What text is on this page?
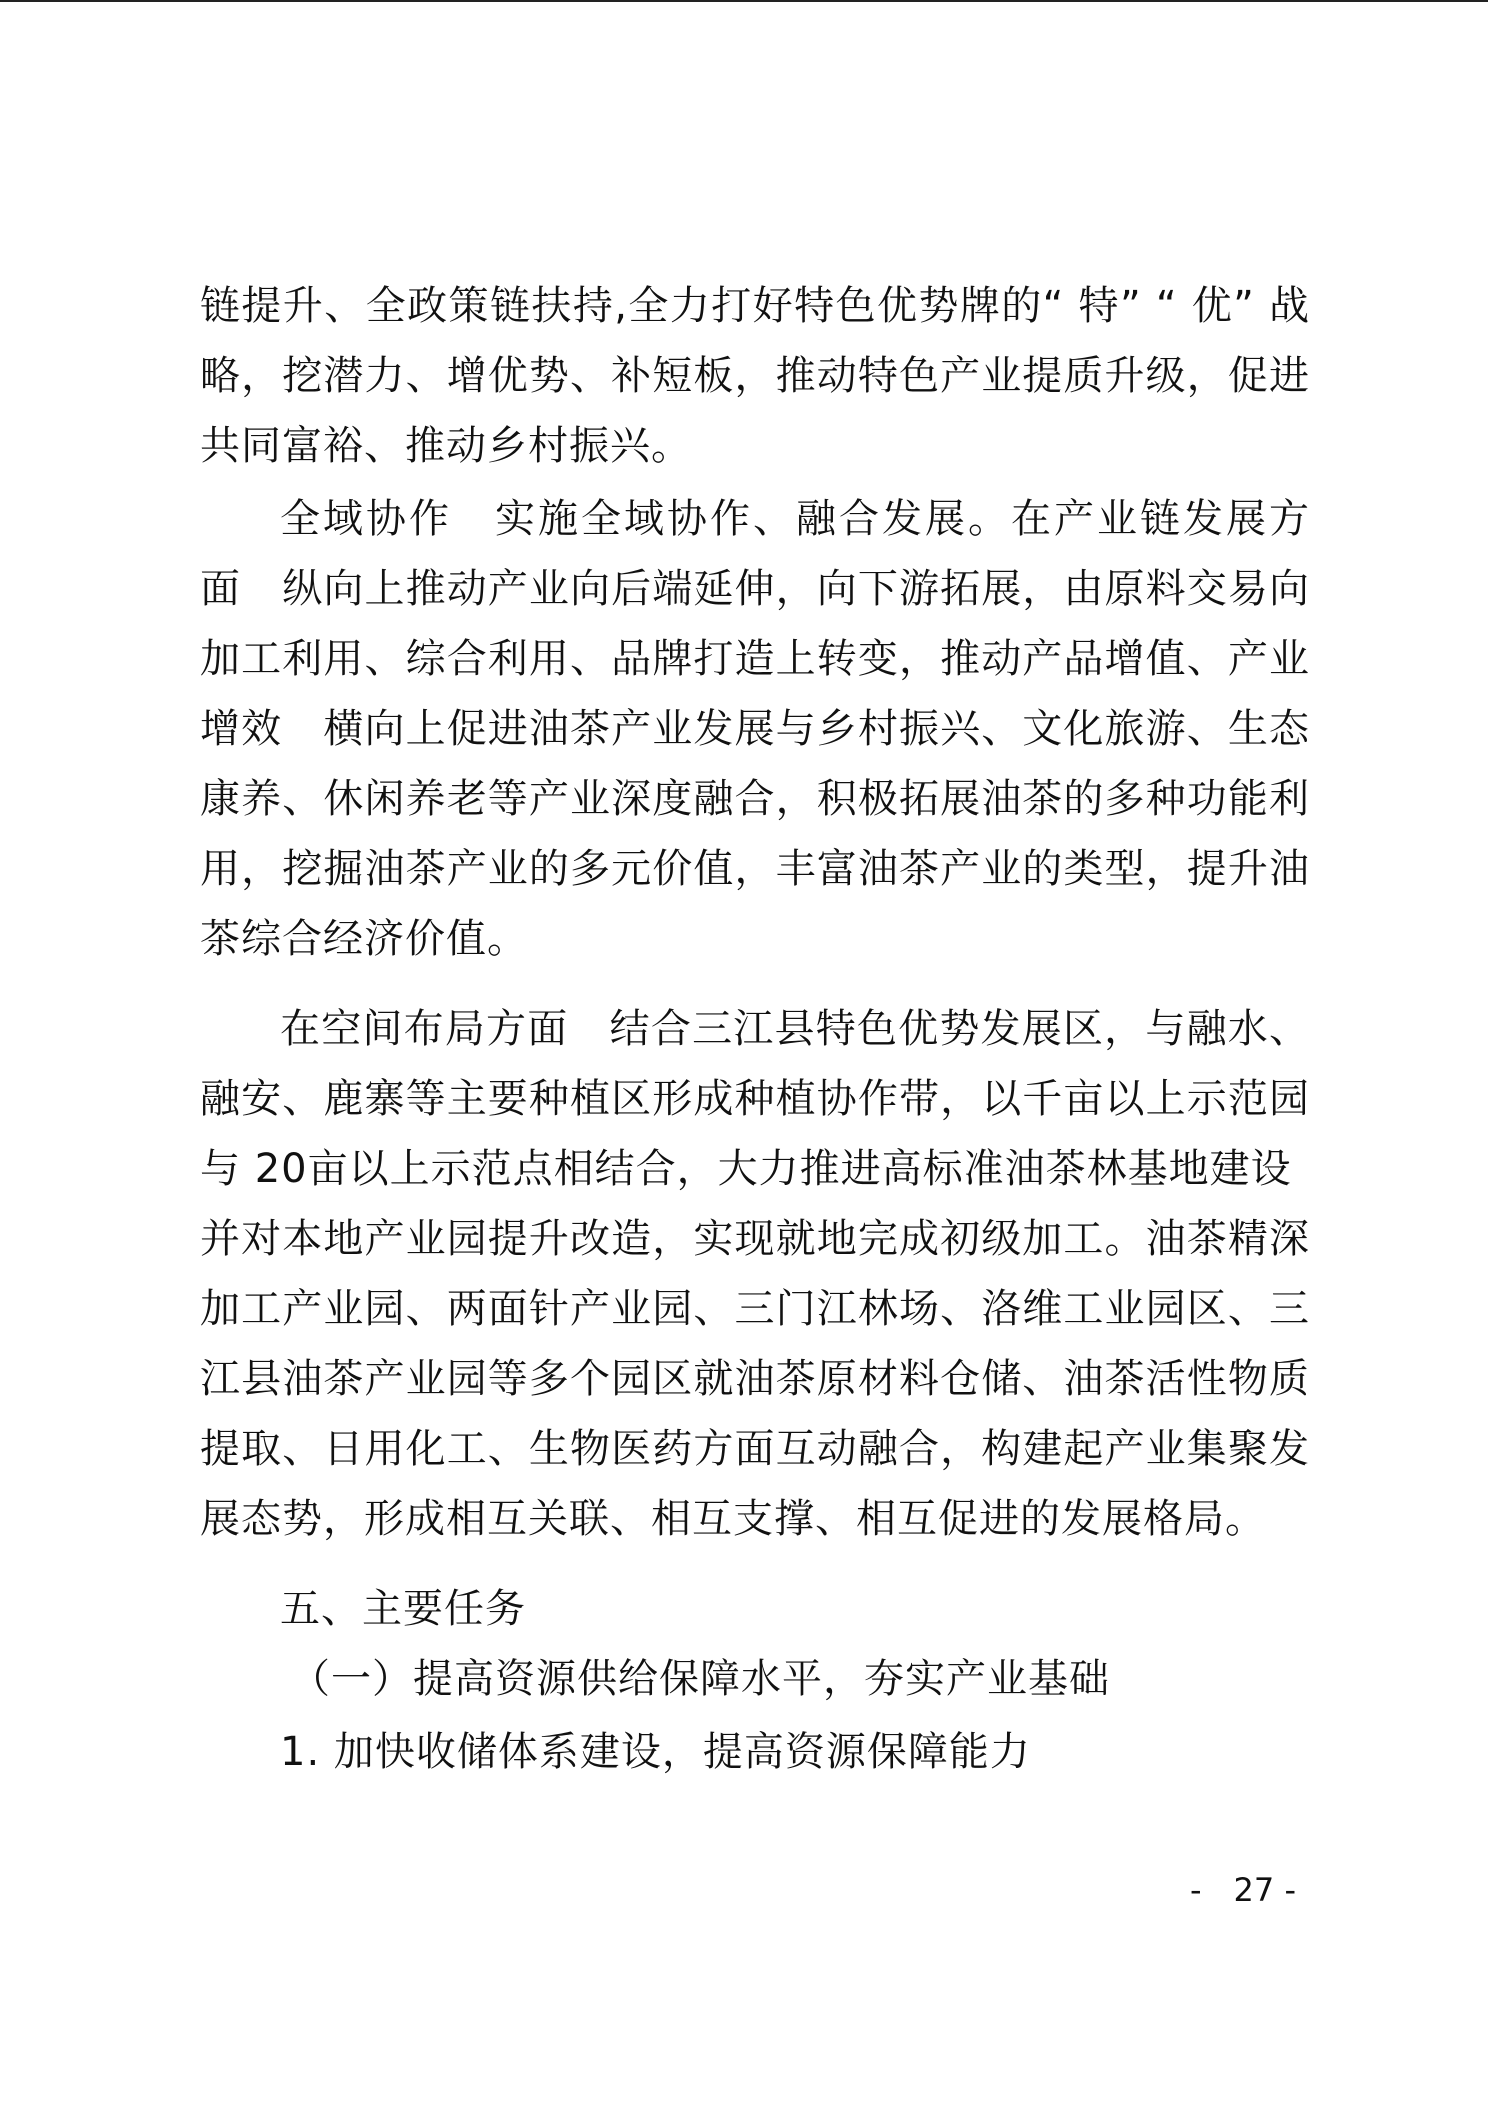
链提升、全政策链扶持,全力打好特色优势牌的“ 特” “ 优” 战
略，挖潜力、增优势、补短板，推动特色产业提质升级，促进
共同富裕、推动乡村振兴。
全域协作　实施全域协作、融合发展。在产业链发展方
面　纵向上推动产业向后端延伸，向下游拓展，由原料交易向
加工利用、综合利用、品牌打造上转变，推动产品增值、产业
增效　横向上促进油茶产业发展与乡村振兴、文化旅游、生态
康养、休闲养老等产业深度融合，积极拓展油茶的多种功能利
用，挖掘油茶产业的多元价值，丰富油茶产业的类型，提升油
茶综合经济价值。
在空间布局方面　结合三江县特色优势发展区，与融水、
融安、鹿寨等主要种植区形成种植协作带，以千亩以上示范园
与 20亩以上示范点相结合，大力推进高标准油茶林基地建设
并对本地产业园提升改造，实现就地完成初级加工。油茶精深
加工产业园、两面针产业园、三门江林场、洛维工业园区、三
江县油茶产业园等多个园区就油茶原材料仓储、油茶活性物质
提取、日用化工、生物医药方面互动融合，构建起产业集聚发
展态势，形成相互关联、相互支撑、相互促进的发展格局。
五、主要任务
（一）提高资源供给保障水平，夯实产业基础
1. 加快收储体系建设，提高资源保障能力
-　27 -
